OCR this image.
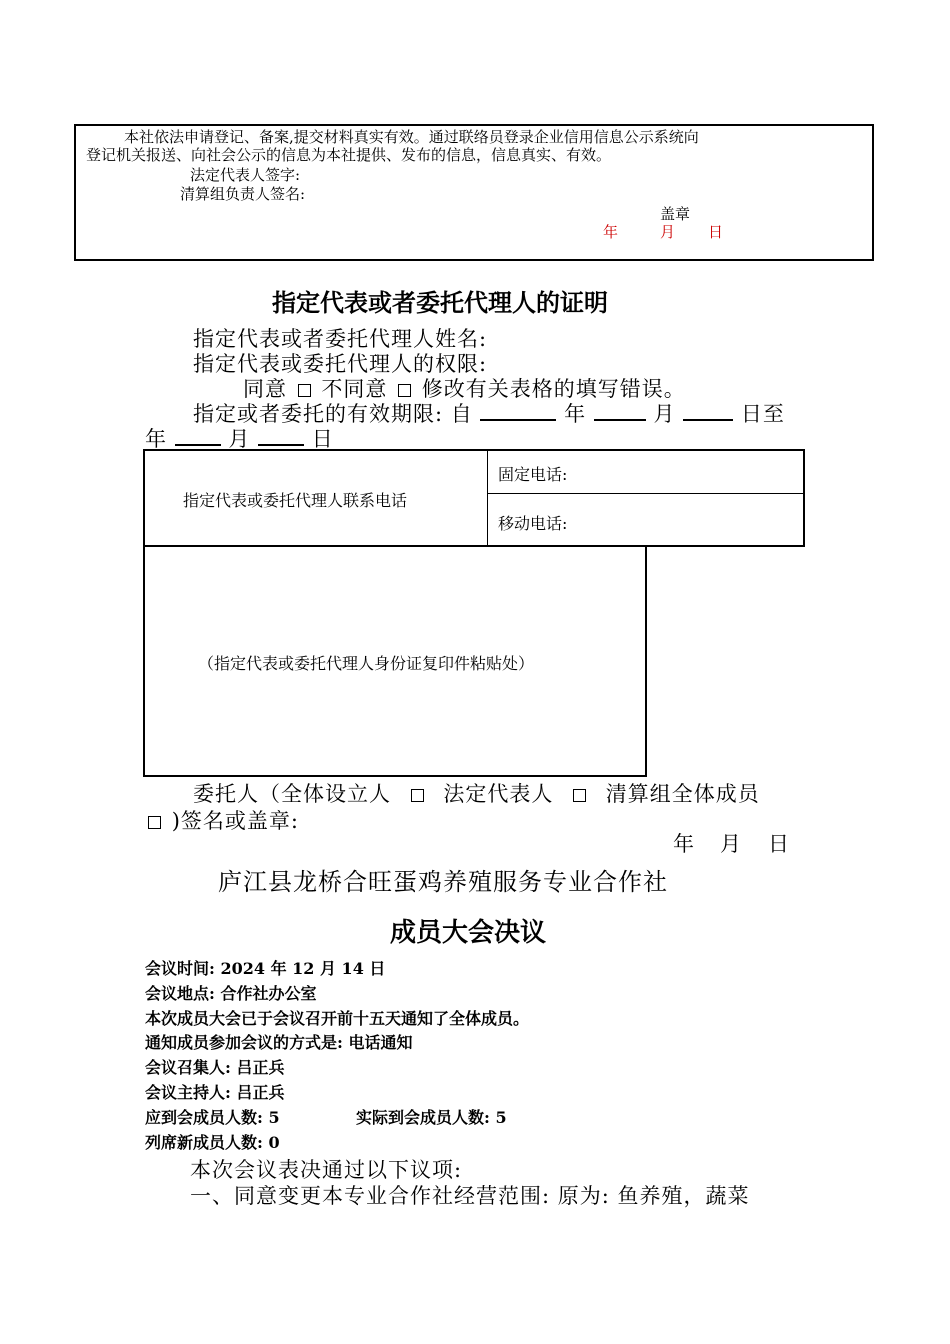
本社依法申请登记、备案,提交材料真实有效。通过联络员登录企业信用信息公示系统向
登记机关报送、向社会公示的信息为本社提供、发布的信息，信息真实、有效。
法定代表人签字:
清算组负责人签名:
盖章
年	月 日
指定代表或者委托代理人的证明
指定代表或者委托代理人姓名:
指定代表或委托代理人的权限:
同意 不同意 修改有关表格的填写错误。
指定或者委托的有效期限: 自	年	月	日至
年	月	日
指定代表或委托代理人联系电话
固定电话:
移动电话:
（指定代表或委托代理人身份证复印件粘贴处）
委托人（全体设立人 法定代表人 清算组全体成员
)签名或盖章:
年 月 日
庐江县龙桥合旺蛋鸡养殖服务专业合作社
成员大会决议
会议时间: 2024 年 12 月 14 日
会议地点: 合作社办公室
本次成员大会已于会议召开前十五天通知了全体成员。
通知成员参加会议的方式是: 电话通知
会议召集人: 吕正兵
会议主持人: 吕正兵
应到会成员人数: 5	实际到会成员人数: 5
列席新成员人数: 0
本次会议表决通过以下议项:
一、同意变更本专业合作社经营范围: 原为: 鱼养殖，蔬菜
